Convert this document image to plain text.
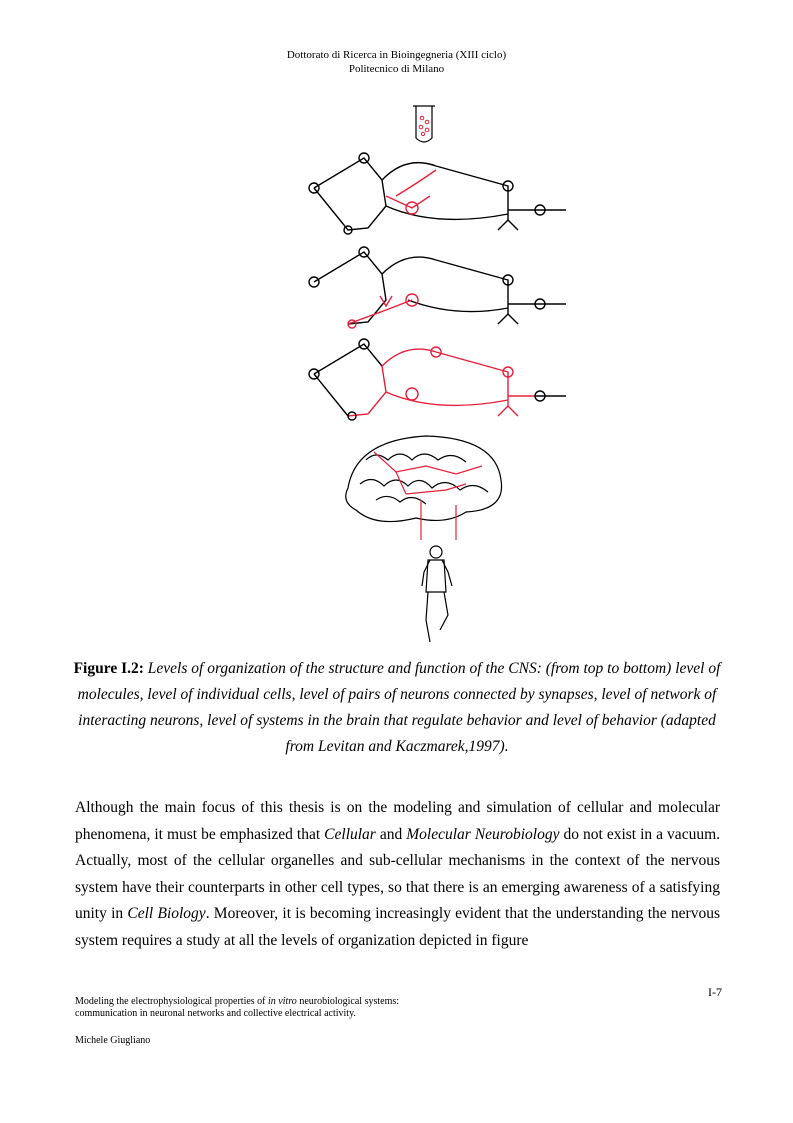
Dottorato di Ricerca in Bioingegneria (XIII ciclo)
Politecnico di Milano
Figure I.2: Levels of organization of the structure and function of the CNS: (from top to bottom) level of molecules, level of individual cells, level of pairs of neurons connected by synapses, level of network of interacting neurons, level of systems in the brain that regulate behavior and level of behavior (adapted from Levitan and Kaczmarek,1997).
Although the main focus of this thesis is on the modeling and simulation of cellular and molecular phenomena, it must be emphasized that Cellular and Molecular Neurobiology do not exist in a vacuum. Actually, most of the cellular organelles and sub-cellular mechanisms in the context of the nervous system have their counterparts in other cell types, so that there is an emerging awareness of a satisfying unity in Cell Biology. Moreover, it is becoming increasingly evident that the understanding the nervous system requires a study at all the levels of organization depicted in figure
I-7
Modeling the electrophysiological properties of in vitro neurobiological systems:
communication in neuronal networks and collective electrical activity.
Michele Giugliano
